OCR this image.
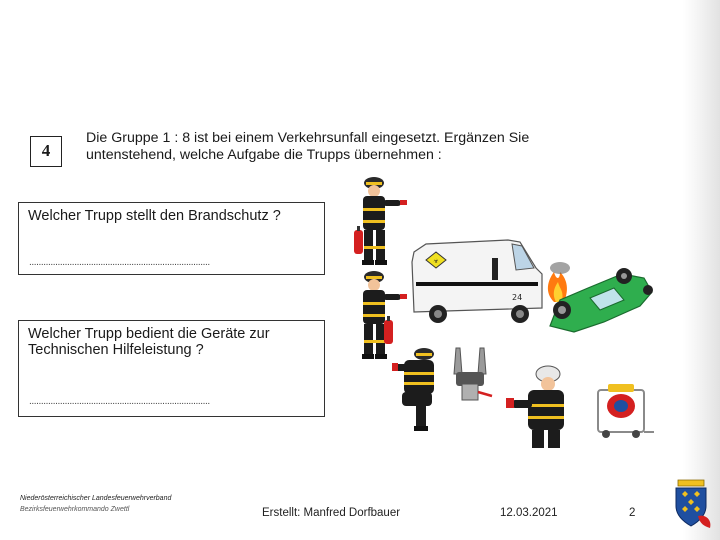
4
Die Gruppe 1 : 8 ist bei einem Verkehrsunfall eingesetzt. Ergänzen Sie
untenstehend, welche Aufgabe die Trupps übernehmen :
Welcher Trupp stellt den Brandschutz ?
............................................................................
Welcher Trupp bedient die Geräte zur
Technischen Hilfeleistung ?
............................................................................
☣
24
Niederösterreichischer Landesfeuerwehrverband
Bezirksfeuerwehrkommando Zwettl	Erstellt: Manfred Dorfbauer	12.03.2021	2
